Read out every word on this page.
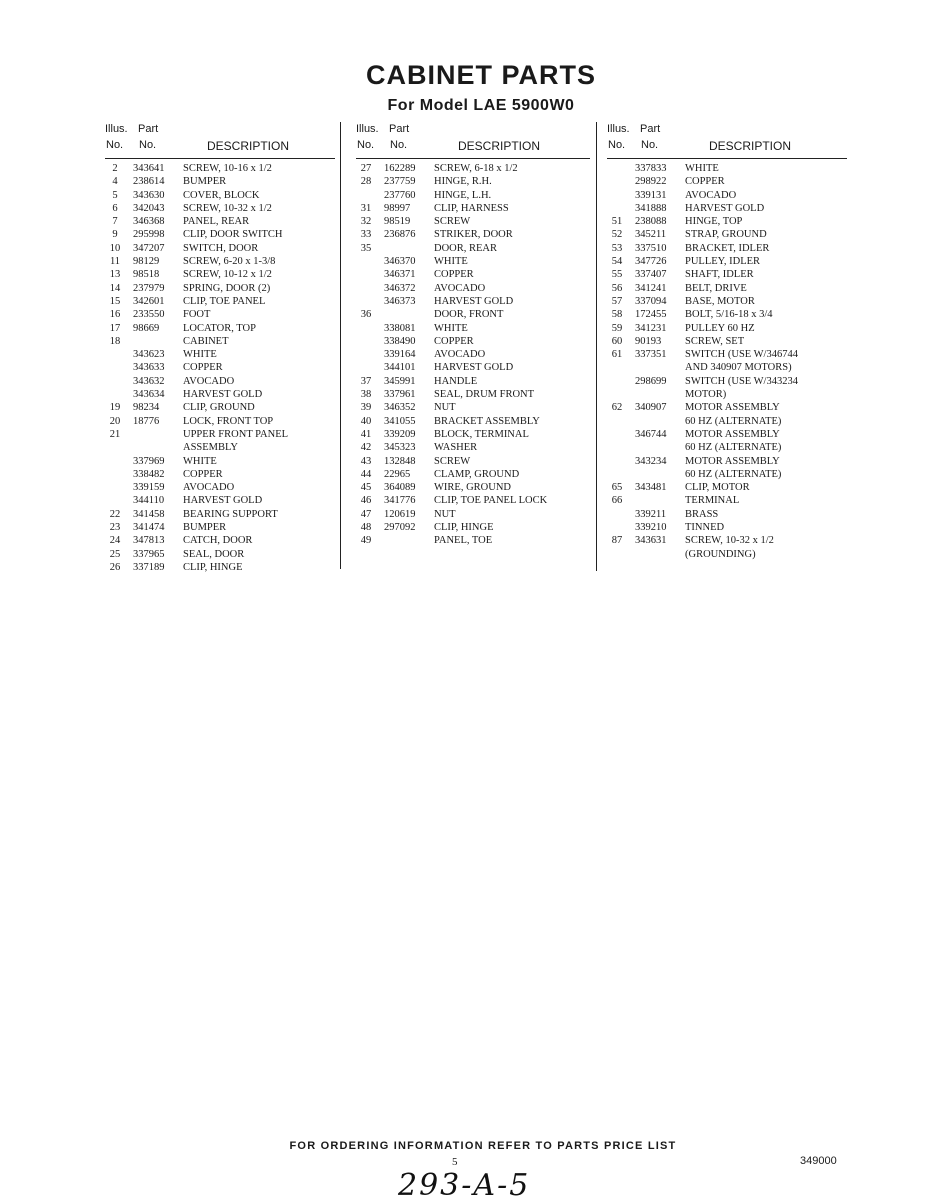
CABINET PARTS
For Model LAE 5900W0
Illus. Part
No. No.	DESCRIPTION
2	343641 SCREW, 10-16 x 1/2
4	238614 BUMPER
5	343630 COVER, BLOCK
6	342043 SCREW, 10-32 x 1/2
7	346368 PANEL, REAR
9	295998 CLIP, DOOR SWITCH
10	347207 SWITCH, DOOR
11	98129 SCREW, 6-20 x 1-3/8
13	98518 SCREW, 10-12 x 1/2
14	237979 SPRING, DOOR (2)
15	342601 CLIP, TOE PANEL
16	233550 FOOT
17	98669 LOCATOR, TOP
18	CABINET
343623 WHITE
343633 COPPER
343632 AVOCADO
343634 HARVEST GOLD
19	98234 CLIP, GROUND
20	18776 LOCK, FRONT TOP
21	UPPER FRONT PANEL
ASSEMBLY
337969 WHITE
338482 COPPER
339159 AVOCADO
344110 HARVEST GOLD
22	341458 BEARING SUPPORT
23	341474 BUMPER
24	347813 CATCH, DOOR
25	337965 SEAL, DOOR
26	337189 CLIP, HINGE
Illus. Part
No. No.	DESCRIPTION
27	162289 SCREW, 6-18 x 1/2
28	237759 HINGE, R.H.
237760 HINGE, L.H.
31	98997 CLIP, HARNESS
32	98519 SCREW
33	236876 STRIKER, DOOR
35	DOOR, REAR
346370 WHITE
346371 COPPER
346372 AVOCADO
346373 HARVEST GOLD
36	DOOR, FRONT
338081 WHITE
338490 COPPER
339164 AVOCADO
344101 HARVEST GOLD
37	345991 HANDLE
38	337961 SEAL, DRUM FRONT
39	346352 NUT
40	341055 BRACKET ASSEMBLY
41	339209 BLOCK, TERMINAL
42	345323 WASHER
43	132848 SCREW
44	22965 CLAMP, GROUND
45	364089 WIRE, GROUND
46	341776 CLIP, TOE PANEL LOCK
47	120619 NUT
48	297092 CLIP, HINGE
49	PANEL, TOE
Illus. Part
No. No.	DESCRIPTION
337833 WHITE
298922 COPPER
339131 AVOCADO
341888 HARVEST GOLD
51	238088 HINGE, TOP
52	345211 STRAP, GROUND
53	337510 BRACKET, IDLER
54	347726 PULLEY, IDLER
55	337407 SHAFT, IDLER
56	341241 BELT, DRIVE
57	337094 BASE, MOTOR
58	172455 BOLT, 5/16-18 x 3/4
59	341231 PULLEY 60 HZ
60	90193 SCREW, SET
61	337351 SWITCH (USE W/346744
AND 340907 MOTORS)
298699 SWITCH (USE W/343234
MOTOR)
62	340907 MOTOR ASSEMBLY
60 HZ (ALTERNATE)
346744 MOTOR ASSEMBLY
60 HZ (ALTERNATE)
343234 MOTOR ASSEMBLY
60 HZ (ALTERNATE)
65	343481 CLIP, MOTOR
66	TERMINAL
339211 BRASS
339210 TINNED
87	343631 SCREW, 10-32 x 1/2
(GROUNDING)
FOR ORDERING INFORMATION REFER TO PARTS PRICE LIST
5	349000
293-A-5
